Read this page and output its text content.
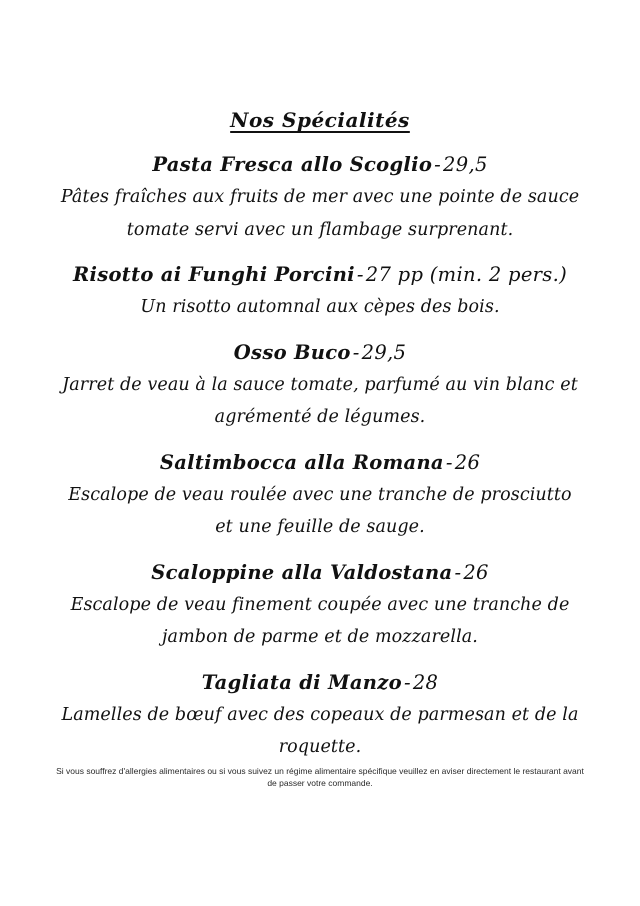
Nos Spécialités
Pasta Fresca allo Scoglio - 29,5

Pâtes fraîches aux fruits de mer avec une pointe de sauce tomate servi avec un flambage surprenant.

Risotto ai Funghi Porcini - 27 pp (min. 2 pers.)

Un risotto automnal aux cèpes des bois.

Osso Buco - 29,5

Jarret de veau à la sauce tomate, parfumé au vin blanc et agrémenté de légumes.

Saltimbocca alla Romana - 26

Escalope de veau roulée avec une tranche de prosciutto et une feuille de sauge.

Scaloppine alla Valdostana - 26

Escalope de veau finement coupée avec une tranche de jambon de parme et de mozzarella.

Tagliata di Manzo - 28

Lamelles de bœuf avec des copeaux de parmesan et de la roquette.

Si vous souffrez d'allergies alimentaires ou si vous suivez un régime alimentaire spécifique veuillez en aviser directement le restaurant avant de passer votre commande.
